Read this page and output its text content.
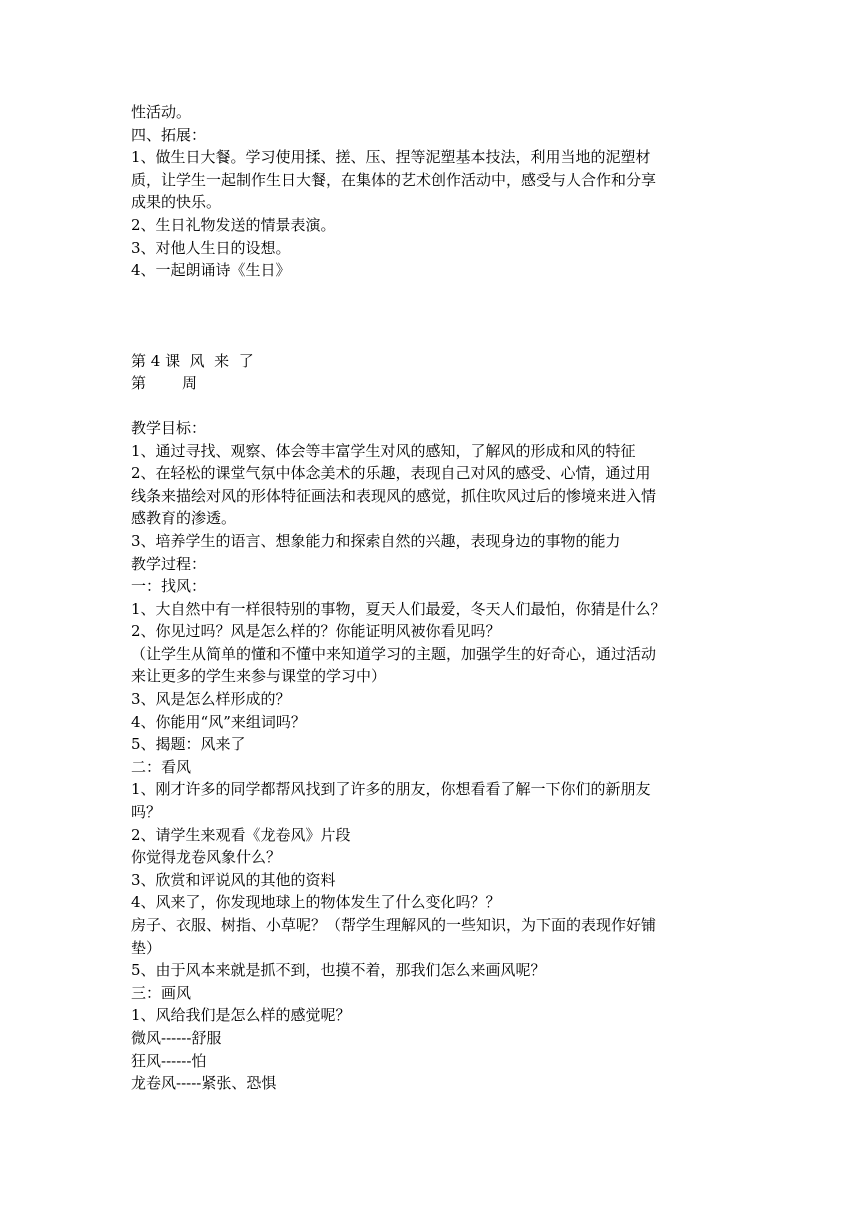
性活动。
四、拓展：
1、做生日大餐。学习使用揉、搓、压、捏等泥塑基本技法，利用当地的泥塑材
质，让学生一起制作生日大餐，在集体的艺术创作活动中，感受与人合作和分享
成果的快乐。
2、生日礼物发送的情景表演。
3、对他人生日的设想。
4、一起朗诵诗《生日》
第 4 课  风  来  了
第 周
教学目标：
1、通过寻找、观察、体会等丰富学生对风的感知，了解风的形成和风的特征
2、在轻松的课堂气氛中体念美术的乐趣，表现自己对风的感受、心情，通过用
线条来描绘对风的形体特征画法和表现风的感觉，抓住吹风过后的惨境来进入情
感教育的渗透。
3、培养学生的语言、想象能力和探索自然的兴趣，表现身边的事物的能力
教学过程：
一：找风：
1、大自然中有一样很特别的事物，夏天人们最爱，冬天人们最怕，你猜是什么？
2、你见过吗？风是怎么样的？你能证明风被你看见吗？
（让学生从简单的懂和不懂中来知道学习的主题，加强学生的好奇心，通过活动
来让更多的学生来参与课堂的学习中）
3、风是怎么样形成的？
4、你能用“风”来组词吗？
5、揭题：风来了
二：看风
1、刚才许多的同学都帮风找到了许多的朋友，你想看看了解一下你们的新朋友
吗？
2、请学生来观看《龙卷风》片段
你觉得龙卷风象什么？
3、欣赏和评说风的其他的资料
4、风来了，你发现地球上的物体发生了什么变化吗？？
房子、衣服、树指、小草呢？（帮学生理解风的一些知识，为下面的表现作好铺
垫）
5、由于风本来就是抓不到，也摸不着，那我们怎么来画风呢？
三：画风
1、风给我们是怎么样的感觉呢？
微风------舒服
狂风------怕
龙卷风-----紧张、恐惧
